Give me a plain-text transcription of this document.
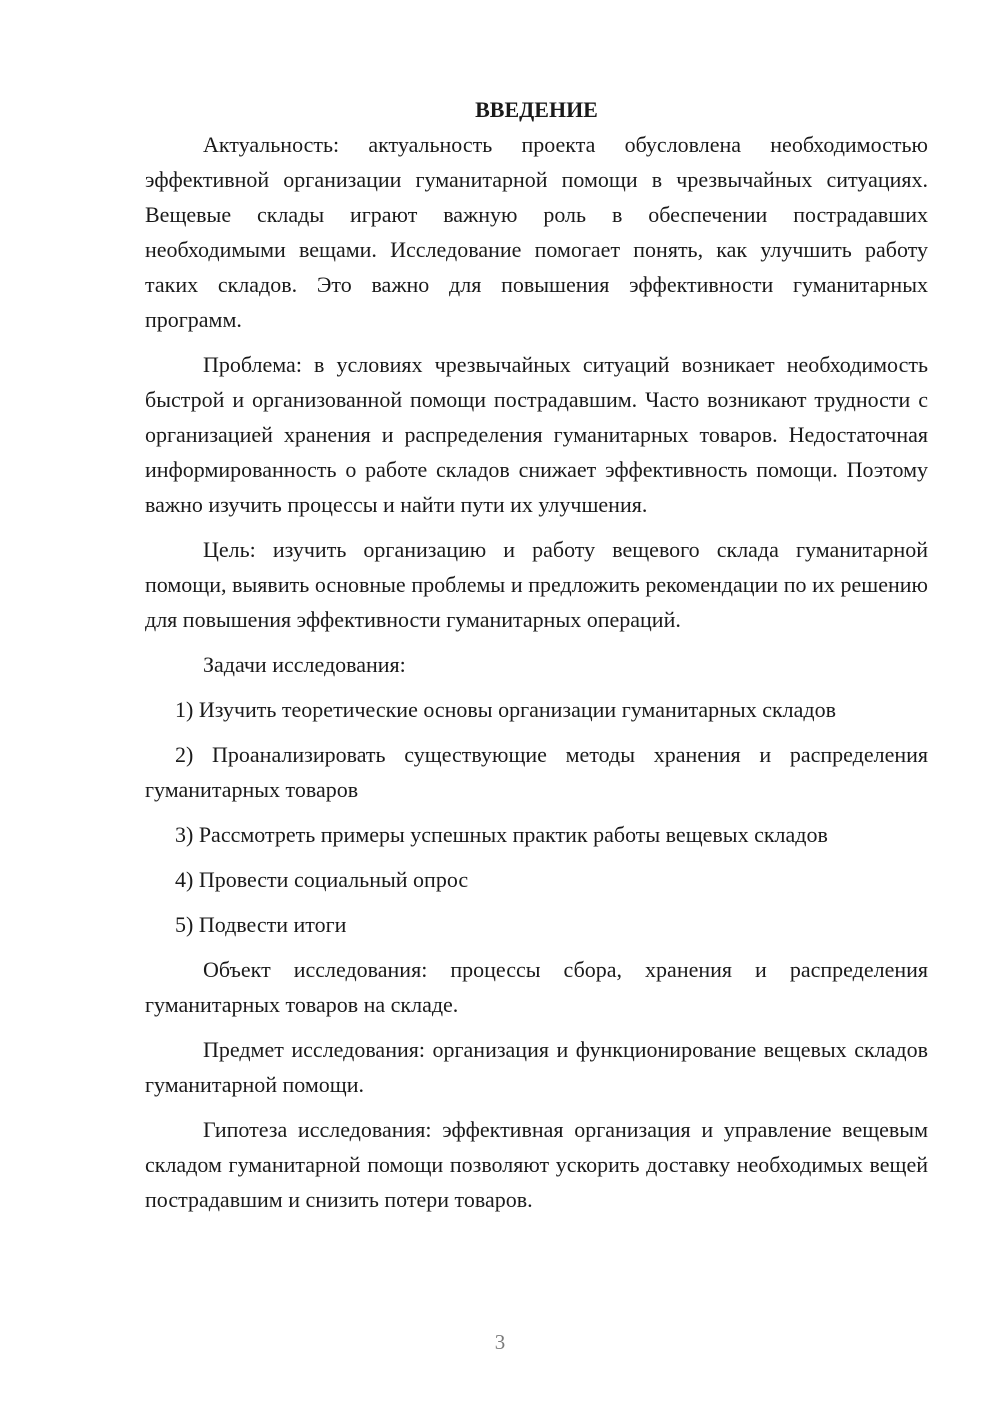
ВВЕДЕНИЕ

Актуальность: актуальность проекта обусловлена необходимостью эффективной организации гуманитарной помощи в чрезвычайных ситуациях. Вещевые склады играют важную роль в обеспечении пострадавших необходимыми вещами. Исследование помогает понять, как улучшить работу таких складов. Это важно для повышения эффективности гуманитарных программ.

Проблема: в условиях чрезвычайных ситуаций возникает необходимость быстрой и организованной помощи пострадавшим. Часто возникают трудности с организацией хранения и распределения гуманитарных товаров. Недостаточная информированность о работе складов снижает эффективность помощи. Поэтому важно изучить процессы и найти пути их улучшения.

Цель: изучить организацию и работу вещевого склада гуманитарной помощи, выявить основные проблемы и предложить рекомендации по их решению для повышения эффективности гуманитарных операций.

Задачи исследования:

1) Изучить теоретические основы организации гуманитарных складов

2) Проанализировать существующие методы хранения и распределения гуманитарных товаров

3) Рассмотреть примеры успешных практик работы вещевых складов

4) Провести социальный опрос

5) Подвести итоги

Объект исследования: процессы сбора, хранения и распределения гуманитарных товаров на складе.

Предмет исследования: организация и функционирование вещевых складов гуманитарной помощи.

Гипотеза исследования: эффективная организация и управление вещевым складом гуманитарной помощи позволяют ускорить доставку необходимых вещей пострадавшим и снизить потери товаров.

3
